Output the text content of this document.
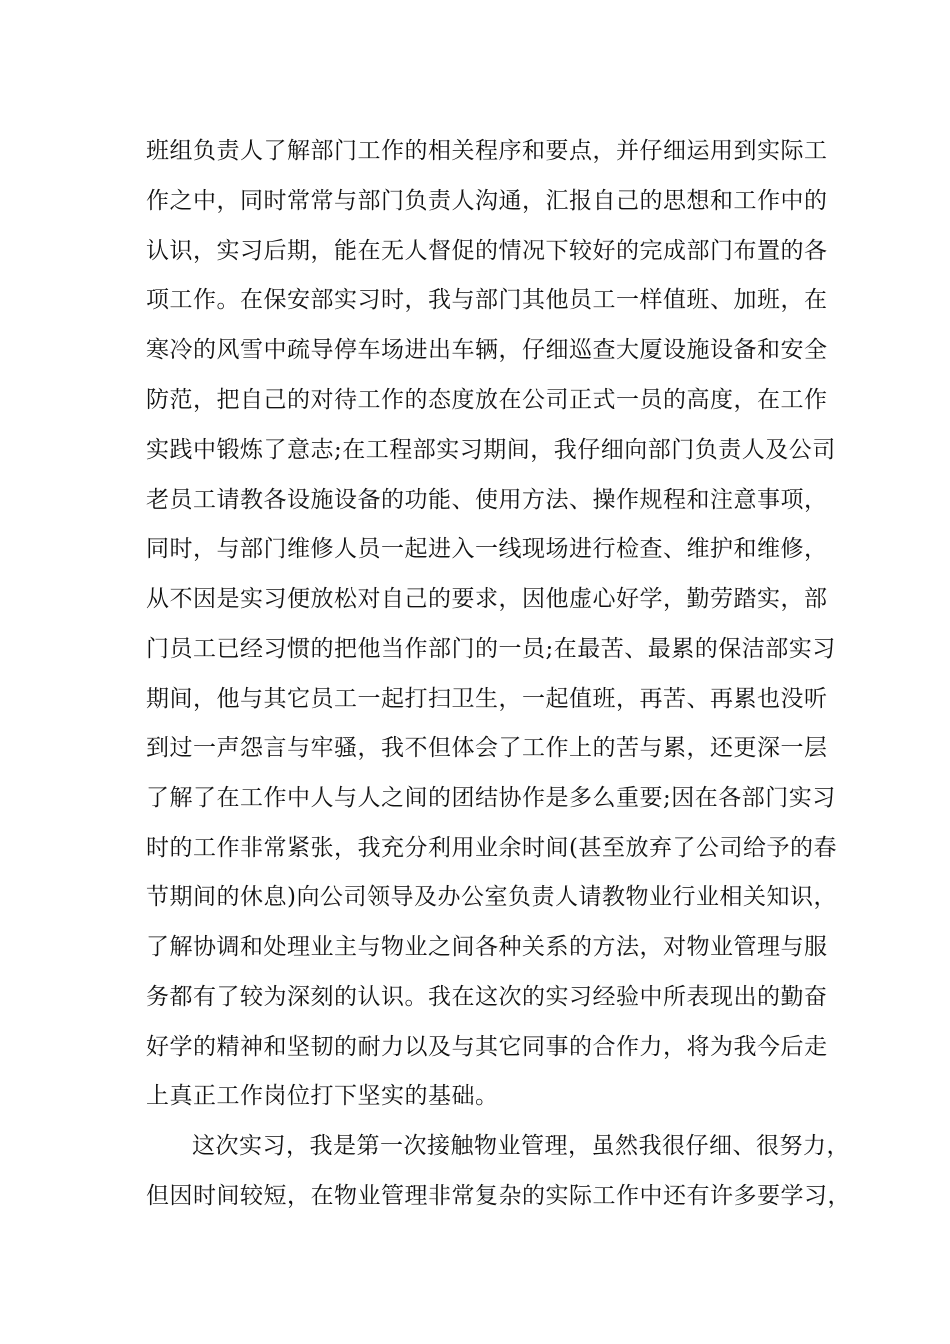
班组负责人了解部门工作的相关程序和要点，并仔细运用到实际工
作之中，同时常常与部门负责人沟通，汇报自己的思想和工作中的
认识，实习后期，能在无人督促的情况下较好的完成部门布置的各
项工作。在保安部实习时，我与部门其他员工一样值班、加班，在
寒冷的风雪中疏导停车场进出车辆，仔细巡查大厦设施设备和安全
防范，把自己的对待工作的态度放在公司正式一员的高度，在工作
实践中锻炼了意志;在工程部实习期间，我仔细向部门负责人及公司
老员工请教各设施设备的功能、使用方法、操作规程和注意事项，
同时，与部门维修人员一起进入一线现场进行检查、维护和维修，
从不因是实习便放松对自己的要求，因他虚心好学，勤劳踏实，部
门员工已经习惯的把他当作部门的一员;在最苦、最累的保洁部实习
期间，他与其它员工一起打扫卫生，一起值班，再苦、再累也没听
到过一声怨言与牢骚，我不但体会了工作上的苦与累，还更深一层
了解了在工作中人与人之间的团结协作是多么重要;因在各部门实习
时的工作非常紧张，我充分利用业余时间(甚至放弃了公司给予的春
节期间的休息)向公司领导及办公室负责人请教物业行业相关知识，
了解协调和处理业主与物业之间各种关系的方法，对物业管理与服
务都有了较为深刻的认识。我在这次的实习经验中所表现出的勤奋
好学的精神和坚韧的耐力以及与其它同事的合作力，将为我今后走
上真正工作岗位打下坚实的基础。
这次实习，我是第一次接触物业管理，虽然我很仔细、很努力，
但因时间较短，在物业管理非常复杂的实际工作中还有许多要学习，
